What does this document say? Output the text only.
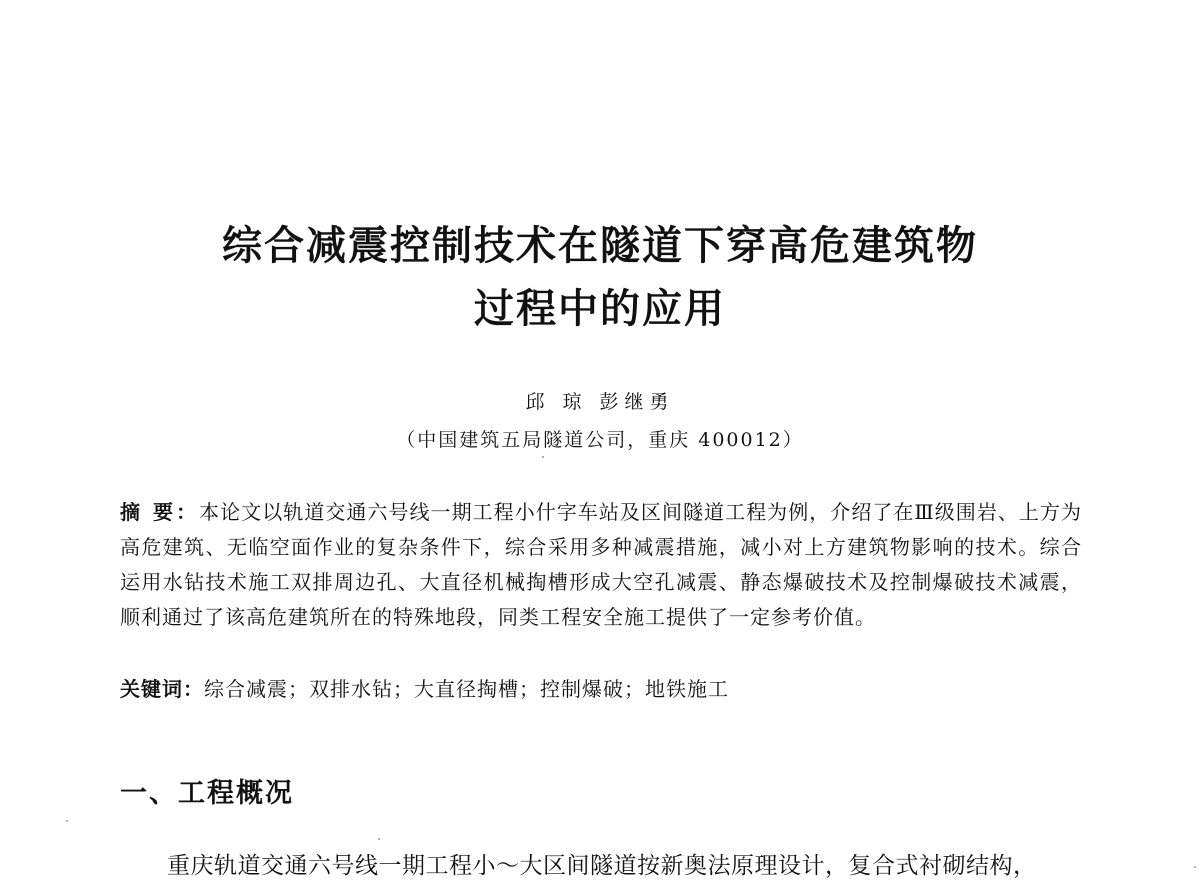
综合减震控制技术在隧道下穿高危建筑物
过程中的应用
邱 琼 彭继勇
（中国建筑五局隧道公司，重庆 400012）
摘 要：本论文以轨道交通六号线一期工程小什字车站及区间隧道工程为例，介绍了在Ⅲ级围岩、上方为高危建筑、无临空面作业的复杂条件下，综合采用多种减震措施，减小对上方建筑物影响的技术。综合运用水钻技术施工双排周边孔、大直径机械掏槽形成大空孔减震、静态爆破技术及控制爆破技术减震，顺利通过了该高危建筑所在的特殊地段，同类工程安全施工提供了一定参考价值。
关键词：综合减震；双排水钻；大直径掏槽；控制爆破；地铁施工
一、工程概况
重庆轨道交通六号线一期工程小～大区间隧道按新奥法原理设计，复合式衬砌结构，
